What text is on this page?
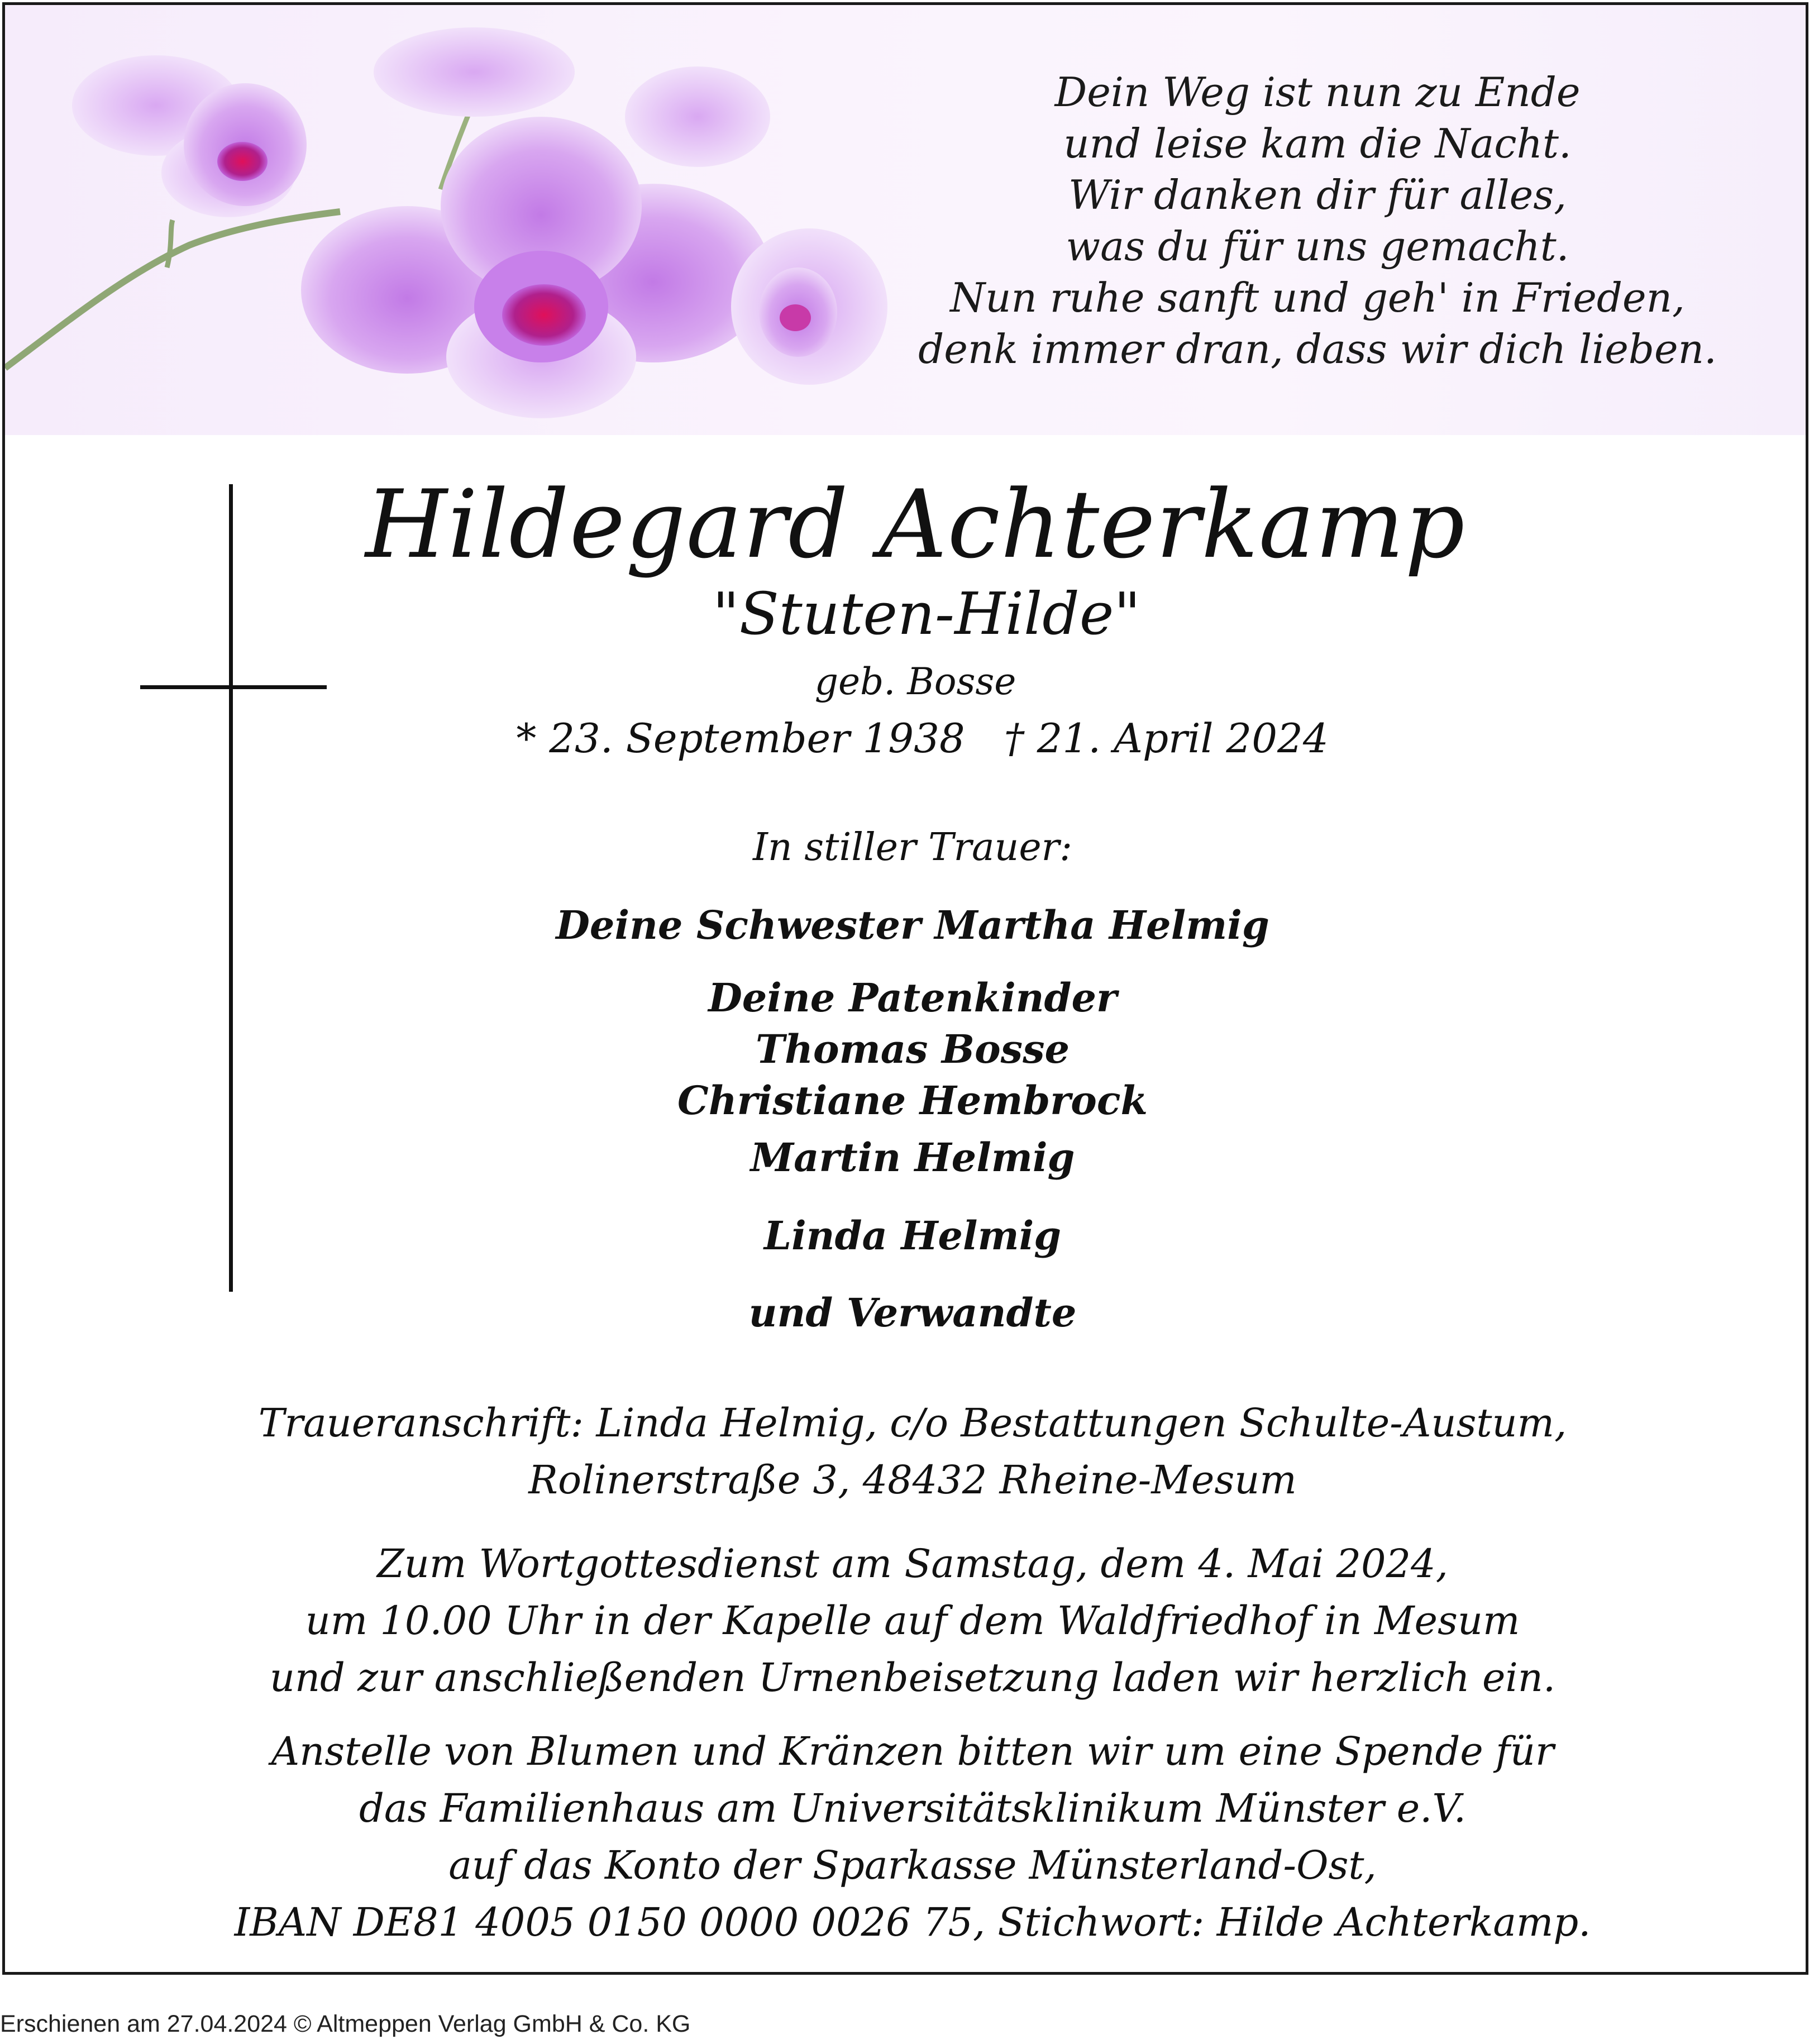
Dein Weg ist nun zu Ende
und leise kam die Nacht.
Wir danken dir für alles,
was du für uns gemacht.
Nun ruhe sanft und geh' in Frieden,
denk immer dran, dass wir dich lieben.
Hildegard Achterkamp
"Stuten-Hilde"
geb. Bosse
* 23. September 1938 † 21. April 2024
In stiller Trauer:
Deine Schwester Martha Helmig
Deine Patenkinder
Thomas Bosse
Christiane Hembrock
Martin Helmig
Linda Helmig
und Verwandte
Traueranschrift: Linda Helmig, c/o Bestattungen Schulte-Austum,
Rolinerstraße 3, 48432 Rheine-Mesum
Zum Wortgottesdienst am Samstag, dem 4. Mai 2024,
um 10.00 Uhr in der Kapelle auf dem Waldfriedhof in Mesum
und zur anschließenden Urnenbeisetzung laden wir herzlich ein.
Anstelle von Blumen und Kränzen bitten wir um eine Spende für
das Familienhaus am Universitätsklinikum Münster e.V.
auf das Konto der Sparkasse Münsterland-Ost,
IBAN DE81 4005 0150 0000 0026 75, Stichwort: Hilde Achterkamp.
Erschienen am 27.04.2024 © Altmeppen Verlag GmbH & Co. KG
